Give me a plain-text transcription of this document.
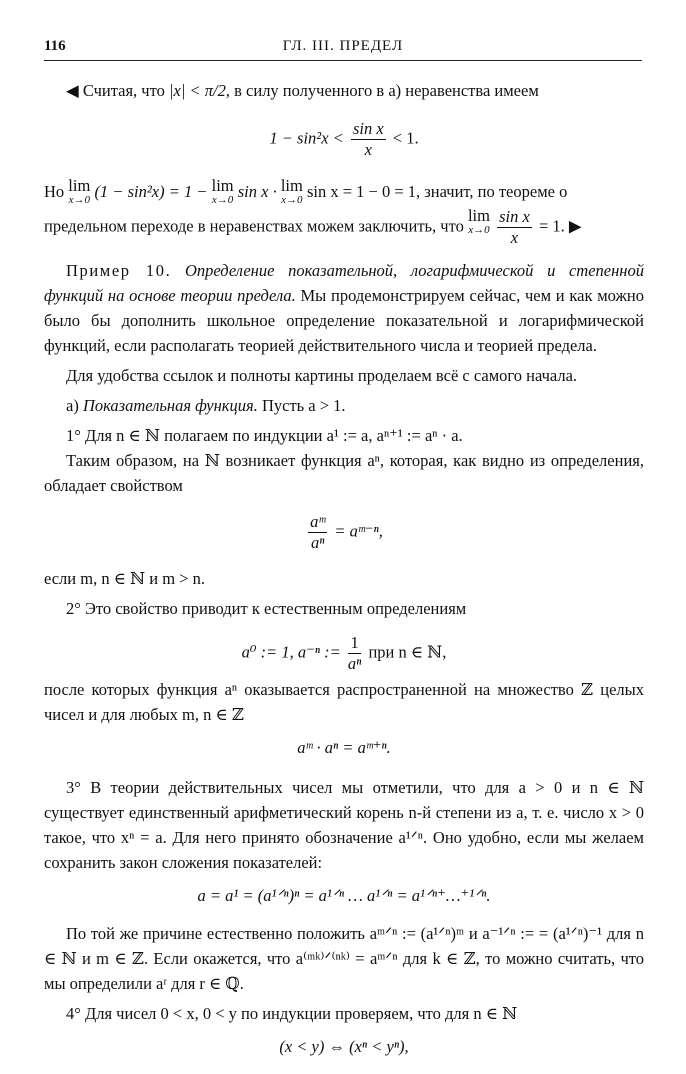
116	ГЛ. III. ПРЕДЕЛ

◀ Считая, что |x| < π/2, в силу полученного в а) неравенства имеем

$1 - \sin^2x < \frac{\text{sin x}}{x} < 1$.

Но lim
x→0 (1 − sin²x) = 1 − lim
x→0 sin x · lim
x→0 sin x = 1 − 0 = 1, значит, по теореме о

предельном переходе в неравенствах можем заключить, что
lim
x→0
$\frac{\text{sin x}}{x} = 1$. ▶

Пример 10. Определение показательной, логарифмической и степенной функций на основе теории предела. Мы продемонстрируем сейчас, чем и как можно было бы дополнить школьное определение показательной и логарифмической функций, если располагать теорией действительного числа и теорией предела.

Для удобства ссылок и полноты картины проделаем всё с самого начала.

а) Показательная функция. Пусть a > 1.

1° Для n ∈ ℕ полагаем по индукции a¹ := a, aⁿ⁺¹ := aⁿ · a.

Таким образом, на ℕ возникает функция aⁿ, которая, как видно из определения, обладает свойством

$\frac{\text{aᵐ}}{\text{aⁿ}}$ = aᵐ⁻ⁿ,

если m, n ∈ ℕ и m > n.

2° Это свойство приводит к естественным определениям

a⁰ := 1, a⁻ⁿ := $\frac{1}{\text{aⁿ}}$ при n ∈ ℕ,

после которых функция aⁿ оказывается распространенной на множество ℤ целых чисел и для любых m, n ∈ ℤ

aᵐ · aⁿ = aᵐ⁺ⁿ.

3° В теории действительных чисел мы отметили, что для a > 0 и n ∈ ℕ существует единственный арифметический корень n-й степени из a, т. е. число x > 0 такое, что xⁿ = a. Для него принято обозначение a¹ᐟⁿ. Оно удобно, если мы желаем сохранить закон сложения показателей:

a = a¹ = (a¹ᐟⁿ)ⁿ = a¹ᐟⁿ … a¹ᐟⁿ = a¹ᐟⁿ⁺…⁺¹ᐟⁿ.

По той же причине естественно положить aᵐᐟⁿ := (a¹ᐟⁿ)ᵐ и a⁻¹ᐟⁿ := = (a¹ᐟⁿ)⁻¹ для n ∈ ℕ и m ∈ ℤ. Если окажется, что a⁽ᵐᵏ⁾ᐟ⁽ⁿᵏ⁾ = aᵐᐟⁿ для k ∈ ℤ, то можно считать, что мы определили aʳ для r ∈ ℚ.

4° Для чисел 0 < x, 0 < y по индукции проверяем, что для n ∈ ℕ

(x < y) ⇔ (xⁿ < yⁿ),
